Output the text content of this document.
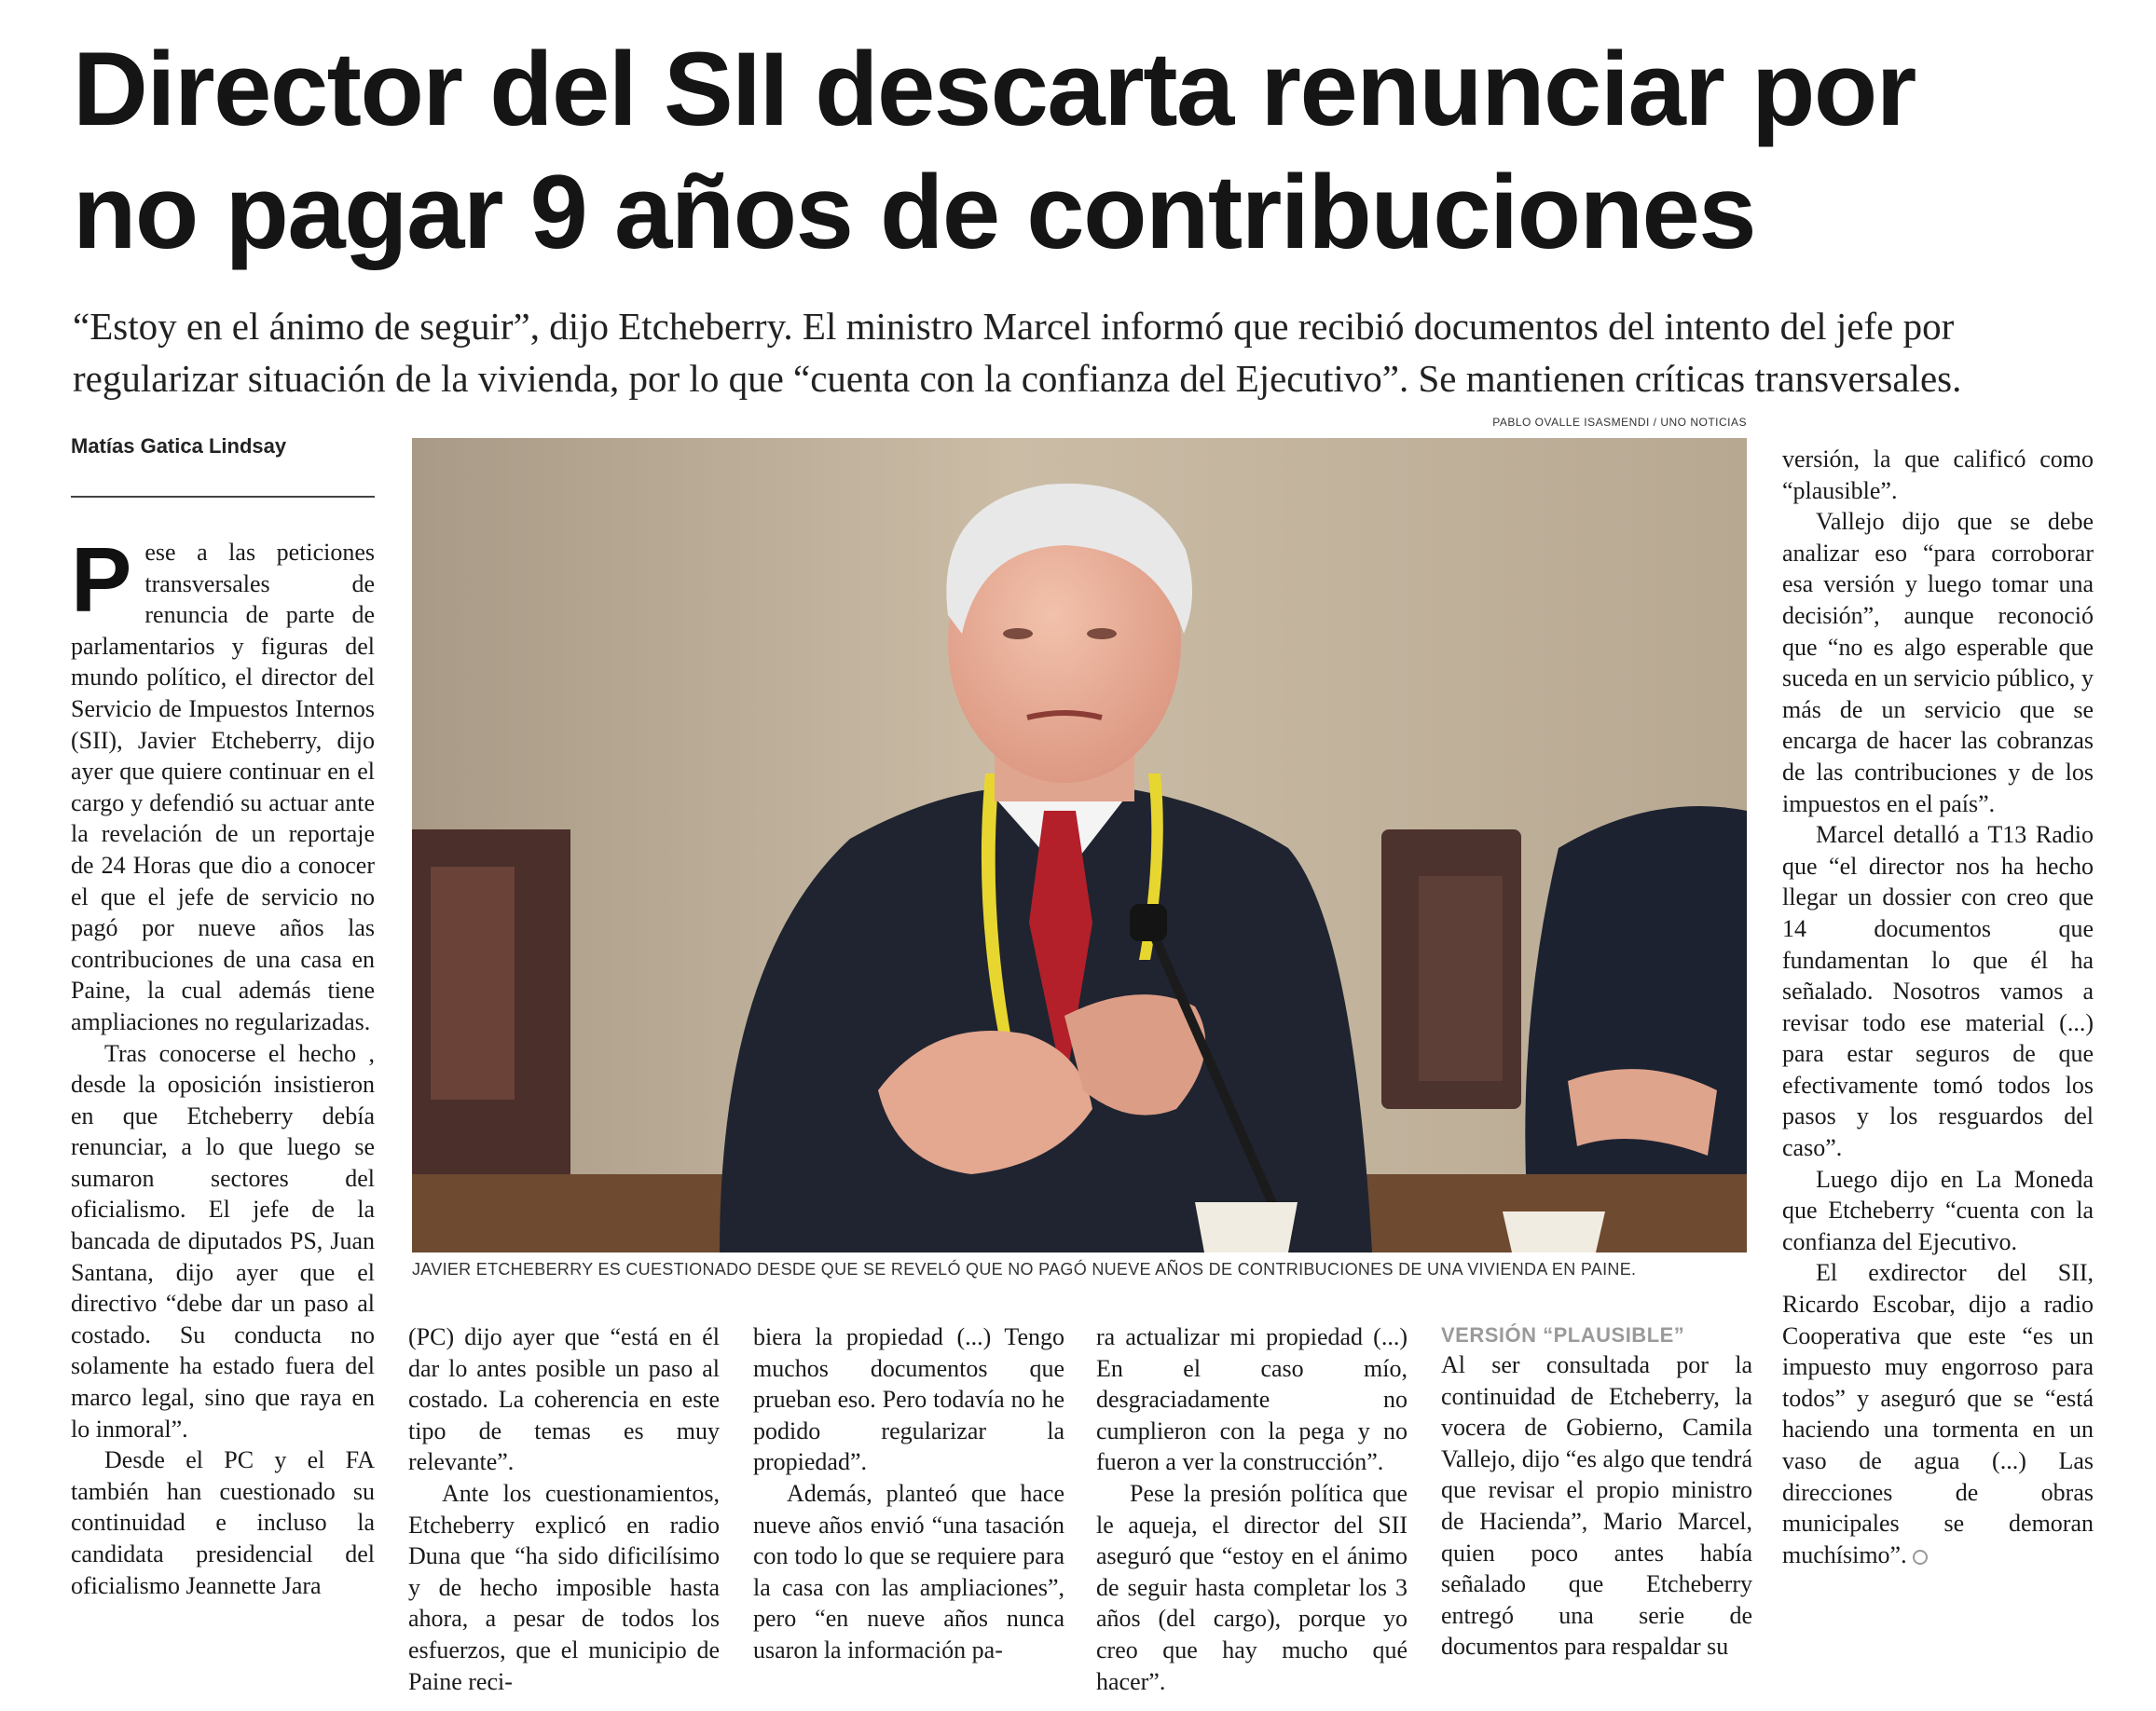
Director del SII descarta renunciar por
no pagar 9 años de contribuciones
“Estoy en el ánimo de seguir”, dijo Etcheberry. El ministro Marcel informó que recibió documentos del intento del jefe por
regularizar situación de la vivienda, por lo que “cuenta con la confianza del Ejecutivo”. Se mantienen críticas transversales.
Matías Gatica Lindsay
PABLO OVALLE ISASMENDI / UNO NOTICIAS
JAVIER ETCHEBERRY ES CUESTIONADO DESDE QUE SE REVELÓ QUE NO PAGÓ NUEVE AÑOS DE CONTRIBUCIONES DE UNA VIVIENDA EN PAINE.

Pese a las peticiones transversales de renuncia de parte de parlamentarios y figuras del mundo político, el director del Servicio de Impuestos Internos (SII), Javier Etcheberry, dijo ayer que quiere continuar en el cargo y defendió su actuar ante la revelación de un reportaje de 24 Horas que dio a conocer el que el jefe de servicio no pagó por nueve años las contribuciones de una casa en Paine, la cual además tiene ampliaciones no regularizadas.

Tras conocerse el hecho , desde la oposición insistieron en que Etcheberry debía renunciar, a lo que luego se sumaron sectores del oficialismo. El jefe de la bancada de diputados PS, Juan Santana, dijo ayer que el directivo “debe dar un paso al costado. Su conducta no solamente ha estado fuera del marco legal, sino que raya en lo inmoral”.

Desde el PC y el FA también han cuestionado su continuidad e incluso la candidata presidencial del oficialismo Jeannette Jara

(PC) dijo ayer que “está en él dar lo antes posible un paso al costado. La coherencia en este tipo de temas es muy relevante”.

Ante los cuestionamientos, Etcheberry explicó en radio Duna que “ha sido dificilísimo y de hecho imposible hasta ahora, a pesar de todos los esfuerzos, que el municipio de Paine reci-

biera la propiedad (...) Tengo muchos documentos que prueban eso. Pero todavía no he podido regularizar la propiedad”.

Además, planteó que hace nueve años envió “una tasación con todo lo que se requiere para la casa con las ampliaciones”, pero “en nueve años nunca usaron la información pa-

ra actualizar mi propiedad (...) En el caso mío, desgraciadamente no cumplieron con la pega y no fueron a ver la construcción”.

Pese la presión política que le aqueja, el director del SII aseguró que “estoy en el ánimo de seguir hasta completar los 3 años (del cargo), porque yo creo que hay mucho qué hacer”.

VERSIÓN “PLAUSIBLE”

Al ser consultada por la continuidad de Etcheberry, la vocera de Gobierno, Camila Vallejo, dijo “es algo que tendrá que revisar el propio ministro de Hacienda”, Mario Marcel, quien poco antes había señalado que Etcheberry entregó una serie de documentos para respaldar su

versión, la que calificó como “plausible”.

Vallejo dijo que se debe analizar eso “para corroborar esa versión y luego tomar una decisión”, aunque reconoció que “no es algo esperable que suceda en un servicio público, y más de un servicio que se encarga de hacer las cobranzas de las contribuciones y de los impuestos en el país”.

Marcel detalló a T13 Radio que “el director nos ha hecho llegar un dossier con creo que 14 documentos que fundamentan lo que él ha señalado. Nosotros vamos a revisar todo ese material (...) para estar seguros de que efectivamente tomó todos los pasos y los resguardos del caso”.

Luego dijo en La Moneda que Etcheberry “cuenta con la confianza del Ejecutivo.

El exdirector del SII, Ricardo Escobar, dijo a radio Cooperativa que este “es un impuesto muy engorroso para todos” y aseguró que se “está haciendo una tormenta en un vaso de agua (...) Las direcciones de obras municipales se demoran muchísimo”.
